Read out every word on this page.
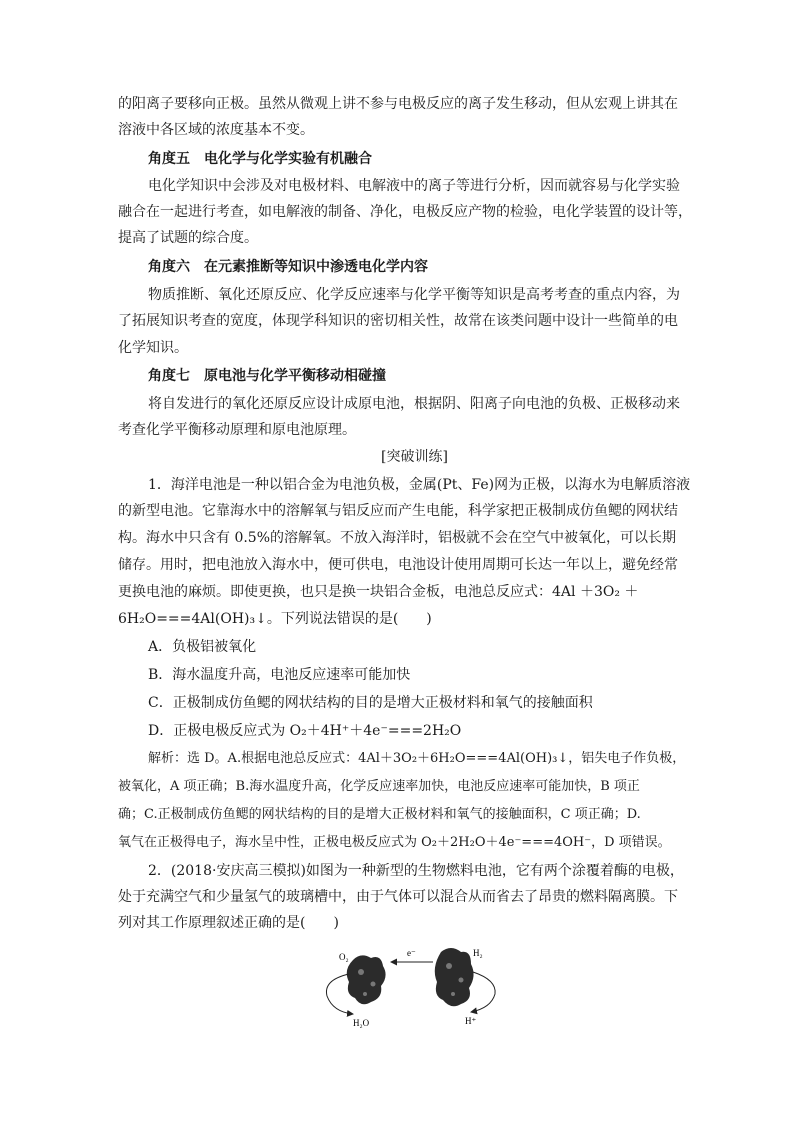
的阳离子要移向正极。虽然从微观上讲不参与电极反应的离子发生移动，但从宏观上讲其在
溶液中各区域的浓度基本不变。
角度五　电化学与化学实验有机融合
电化学知识中会涉及对电极材料、电解液中的离子等进行分析，因而就容易与化学实验
融合在一起进行考查，如电解液的制备、净化，电极反应产物的检验，电化学装置的设计等，
提高了试题的综合度。
角度六　在元素推断等知识中渗透电化学内容
物质推断、氧化还原反应、化学反应速率与化学平衡等知识是高考考查的重点内容，为
了拓展知识考查的宽度，体现学科知识的密切相关性，故常在该类问题中设计一些简单的电
化学知识。
角度七　原电池与化学平衡移动相碰撞
将自发进行的氧化还原反应设计成原电池，根据阴、阳离子向电池的负极、正极移动来
考查化学平衡移动原理和原电池原理。
[突破训练]
1．海洋电池是一种以铝合金为电池负极，金属(Pt、Fe)网为正极，以海水为电解质溶液
的新型电池。它靠海水中的溶解氧与铝反应而产生电能，科学家把正极制成仿鱼鳃的网状结
构。海水中只含有 0.5%的溶解氧。不放入海洋时，铝极就不会在空气中被氧化，可以长期
储存。用时，把电池放入海水中，便可供电，电池设计使用周期可长达一年以上，避免经常
更换电池的麻烦。即使更换，也只是换一块铝合金板，电池总反应式：4Al ＋3O₂ ＋
6H₂O===4Al(OH)₃↓。下列说法错误的是(　　)
A．负极铝被氧化
B．海水温度升高，电池反应速率可能加快
C．正极制成仿鱼鳃的网状结构的目的是增大正极材料和氧气的接触面积
D．正极电极反应式为 O₂＋4H⁺＋4e⁻===2H₂O
解析：选 D。A.根据电池总反应式：4Al＋3O₂＋6H₂O===4Al(OH)₃↓，铝失电子作负极，
被氧化，A 项正确；B.海水温度升高，化学反应速率加快，电池反应速率可能加快，B 项正
确；C.正极制成仿鱼鳃的网状结构的目的是增大正极材料和氧气的接触面积，C 项正确；D.
氧气在正极得电子，海水呈中性，正极电极反应式为 O₂＋2H₂O＋4e⁻===4OH⁻，D 项错误。
2．(2018·安庆高三模拟)如图为一种新型的生物燃料电池，它有两个涂覆着酶的电极，
处于充满空气和少量氢气的玻璃槽中，由于气体可以混合从而省去了昂贵的燃料隔离膜。下
列对其工作原理叙述正确的是(　　)
O₂
H₂O
e⁻	H₂
H⁺
